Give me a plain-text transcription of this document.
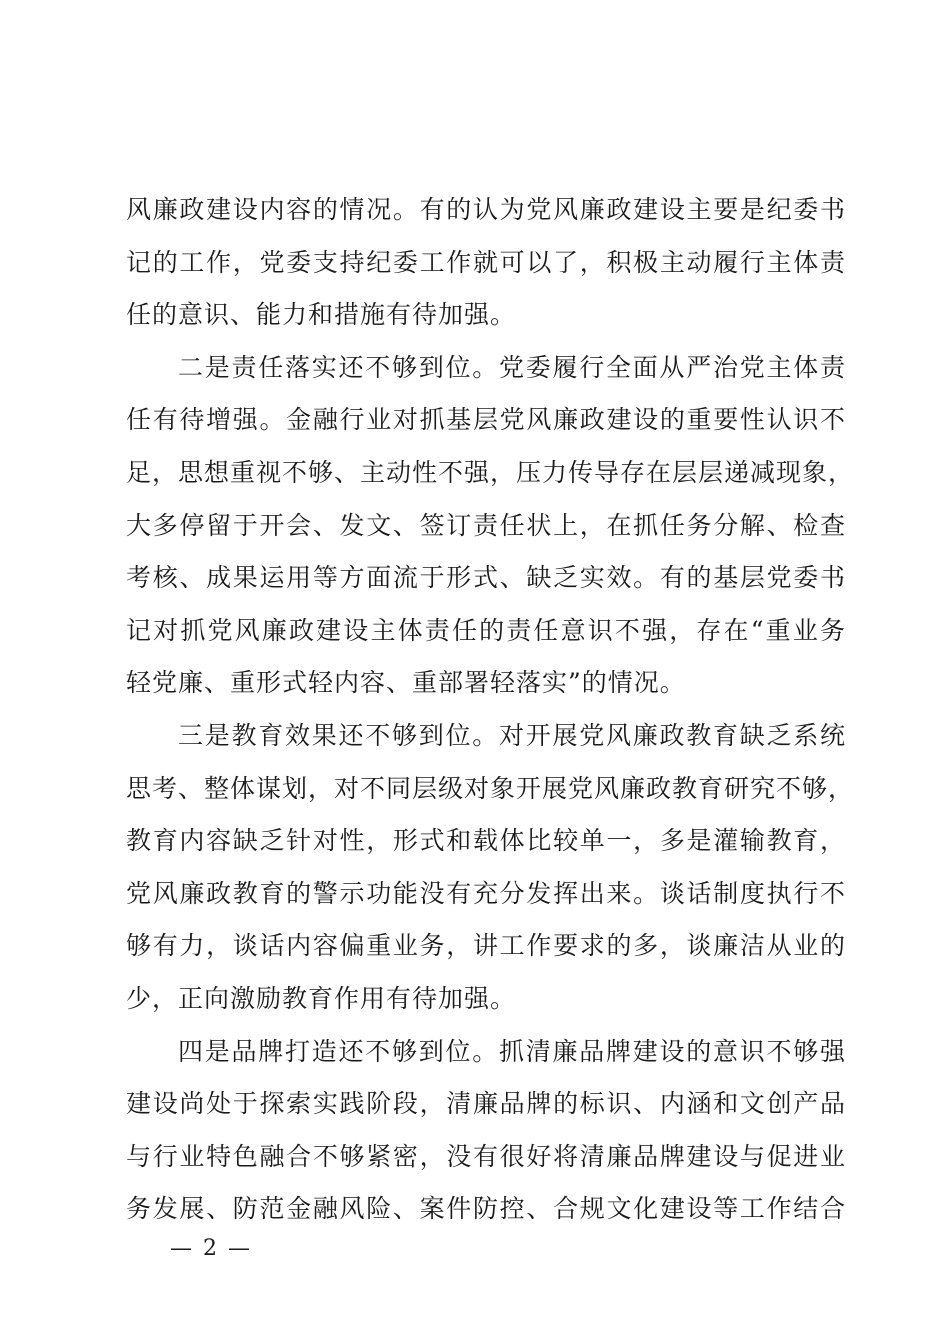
风廉政建设内容的情况。有的认为党风廉政建设主要是纪委书
记的工作，党委支持纪委工作就可以了，积极主动履行主体责
任的意识、能力和措施有待加强。
二是责任落实还不够到位。党委履行全面从严治党主体责
任有待增强。金融行业对抓基层党风廉政建设的重要性认识不
足，思想重视不够、主动性不强，压力传导存在层层递减现象，
大多停留于开会、发文、签订责任状上，在抓任务分解、检查
考核、成果运用等方面流于形式、缺乏实效。有的基层党委书
记对抓党风廉政建设主体责任的责任意识不强，存在“重业务
轻党廉、重形式轻内容、重部署轻落实”的情况。
三是教育效果还不够到位。对开展党风廉政教育缺乏系统
思考、整体谋划，对不同层级对象开展党风廉政教育研究不够，
教育内容缺乏针对性，形式和载体比较单一，多是灌输教育，
党风廉政教育的警示功能没有充分发挥出来。谈话制度执行不
够有力，谈话内容偏重业务，讲工作要求的多，谈廉洁从业的
少，正向激励教育作用有待加强。
四是品牌打造还不够到位。抓清廉品牌建设的意识不够强
建设尚处于探索实践阶段，清廉品牌的标识、内涵和文创产品
与行业特色融合不够紧密，没有很好将清廉品牌建设与促进业
务发展、防范金融风险、案件防控、合规文化建设等工作结合
— 2 —
